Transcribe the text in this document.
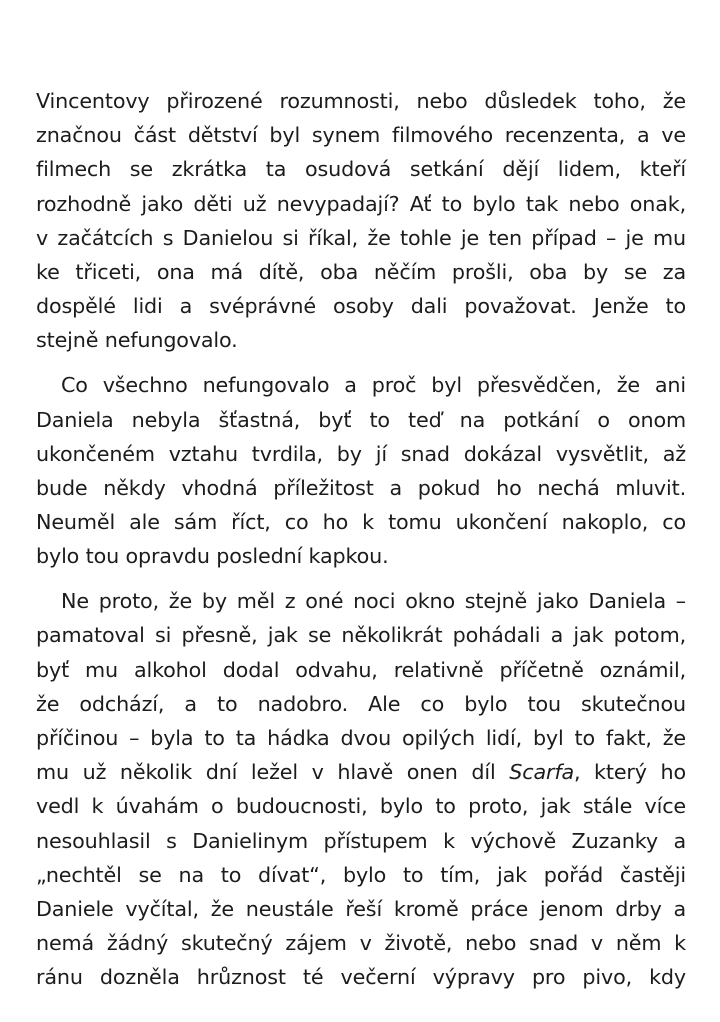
Vincentovy přirozené rozumnosti, nebo důsledek toho, že
značnou část dětství byl synem filmového recenzenta, a ve
filmech se zkrátka ta osudová setkání dějí lidem, kteří
rozhodně jako děti už nevypadají? Ať to bylo tak nebo onak,
v začátcích s Danielou si říkal, že tohle je ten případ – je mu
ke třiceti, ona má dítě, oba něčím prošli, oba by se za
dospělé lidi a svéprávné osoby dali považovat. Jenže to
stejně nefungovalo.

Co všechno nefungovalo a proč byl přesvědčen, že ani
Daniela nebyla šťastná, byť to teď na potkání o onom
ukončeném vztahu tvrdila, by jí snad dokázal vysvětlit, až
bude někdy vhodná příležitost a pokud ho nechá mluvit.
Neuměl ale sám říct, co ho k tomu ukončení nakoplo, co
bylo tou opravdu poslední kapkou.

Ne proto, že by měl z oné noci okno stejně jako Daniela –
pamatoval si přesně, jak se několikrát pohádali a jak potom,
byť mu alkohol dodal odvahu, relativně příčetně oznámil,
že odchází, a to nadobro. Ale co bylo tou skutečnou
příčinou – byla to ta hádka dvou opilých lidí, byl to fakt, že
mu už několik dní ležel v hlavě onen díl Scarfa, který ho
vedl k úvahám o budoucnosti, bylo to proto, jak stále více
nesouhlasil s Danielinym přístupem k výchově Zuzanky a
„nechtěl se na to dívat“, bylo to tím, jak pořád častěji
Daniele vyčítal, že neustále řeší kromě práce jenom drby a
nemá žádný skutečný zájem v životě, nebo snad v něm k
ránu dozněla hrůznost té večerní výpravy pro pivo, kdy
